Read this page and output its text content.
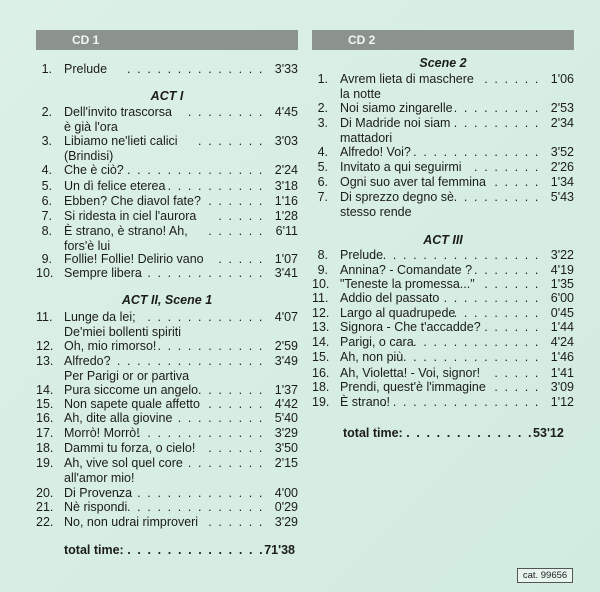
CD 1	CD 2
ACT I
ACT II, Scene 1
1. Prelude . . . . . . . . . . . . . . 3'33
2. Dell'invito trascorsa . . . . . . . . 4'45
è già l'ora
3. Libiamo ne'lieti calici . . . . . . . 3'03
(Brindisi)
4. Che è ciò?
. . . . . . . . . . . . . . . . 2'24
5. Un dì felice eterea . . . . . . . . . . 3'18
6. Ebben? Che diavol fate? . . . . . . 1'16
7. Si ridesta in ciel l'aurora . . . . . 1'28
8. È strano, è strano! Ah, . . . . . . 6'11
fors'è lui
9. Follie! Follie! Delirio vano . . . . . 1'07
10. Sempre libera
. . . . . . . . . . . . . 3'41
11. Lunge da lei; . . . . . . . . . . . . 4'07
De'miei bollenti spiriti
12. Oh, mio rimorso! . . . . . . . . . . . 2'59
13. Alfredo?
. . . . . . . . . . . . . . . . 3'49
Per Parigi or or partiva
14. Pura siccome un angelo . . . . . . . 1'37
15. Non sapete quale affetto . . . . . . 4'42
16. Ah, dite alla giovine . . . . . . . . . 5'40
17. Morrò! Morrò!
. . . . . . . . . . . . . 3'29
18. Dammi tu forza, o cielo! . . . . . . 3'50
19. Ah, vive sol quel core . . . . . . . . 2'15
all'amor mio!
20. Di Provenza
. . . . . . . . . . . . . . . 4'00
21. Nè rispondi
. . . . . . . . . . . . . . . 0'29
22. No, non udrai rimproveri . . . . . . 3'29
Scene 2
ACT III
1. Avrem lieta di maschere . . . . . . 1'06
la notte
2. Noi siamo zingarelle . . . . . . . . . 2'53
3. Di Madride noi siam . . . . . . . . . 2'34
mattadori
4. Alfredo! Voi? . . . . . . . . . . . . . 3'52
5. Invitato a qui seguirmi . . . . . . . 2'26
6. Ogni suo aver tal femmina . . . . . 1'34
7. Di sprezzo degno sè . . . . . . . . . 5'43
stesso rende
8. Prelude
. . . . . . . . . . . . . . . . . 3'22
9. Annina? - Comandate ? . . . . . . . 4'19
10. "Teneste la promessa..." . . . . . . 1'35
11. Addio del passato . . . . . . . . . . 6'00
12. Largo al quadrupede
. . . . . . . . . 0'45
13. Signora - Che t'accadde? . . . . . . 1'44
14. Parigi, o cara . . . . . . . . . . . . . 4'24
15. Ah, non più
. . . . . . . . . . . . . . . 1'46
16. Ah, Violetta! - Voi, signor! . . . . . 1'41
18. Prendi, quest'è l'immagine . . . . . 3'09
19. È strano!
. . . . . . . . . . . . . . . . 1'12
total time: . . . . . . . . . . . . . .71'38
total time: . . . . . . . . . . . . .53'12
cat. 99656
